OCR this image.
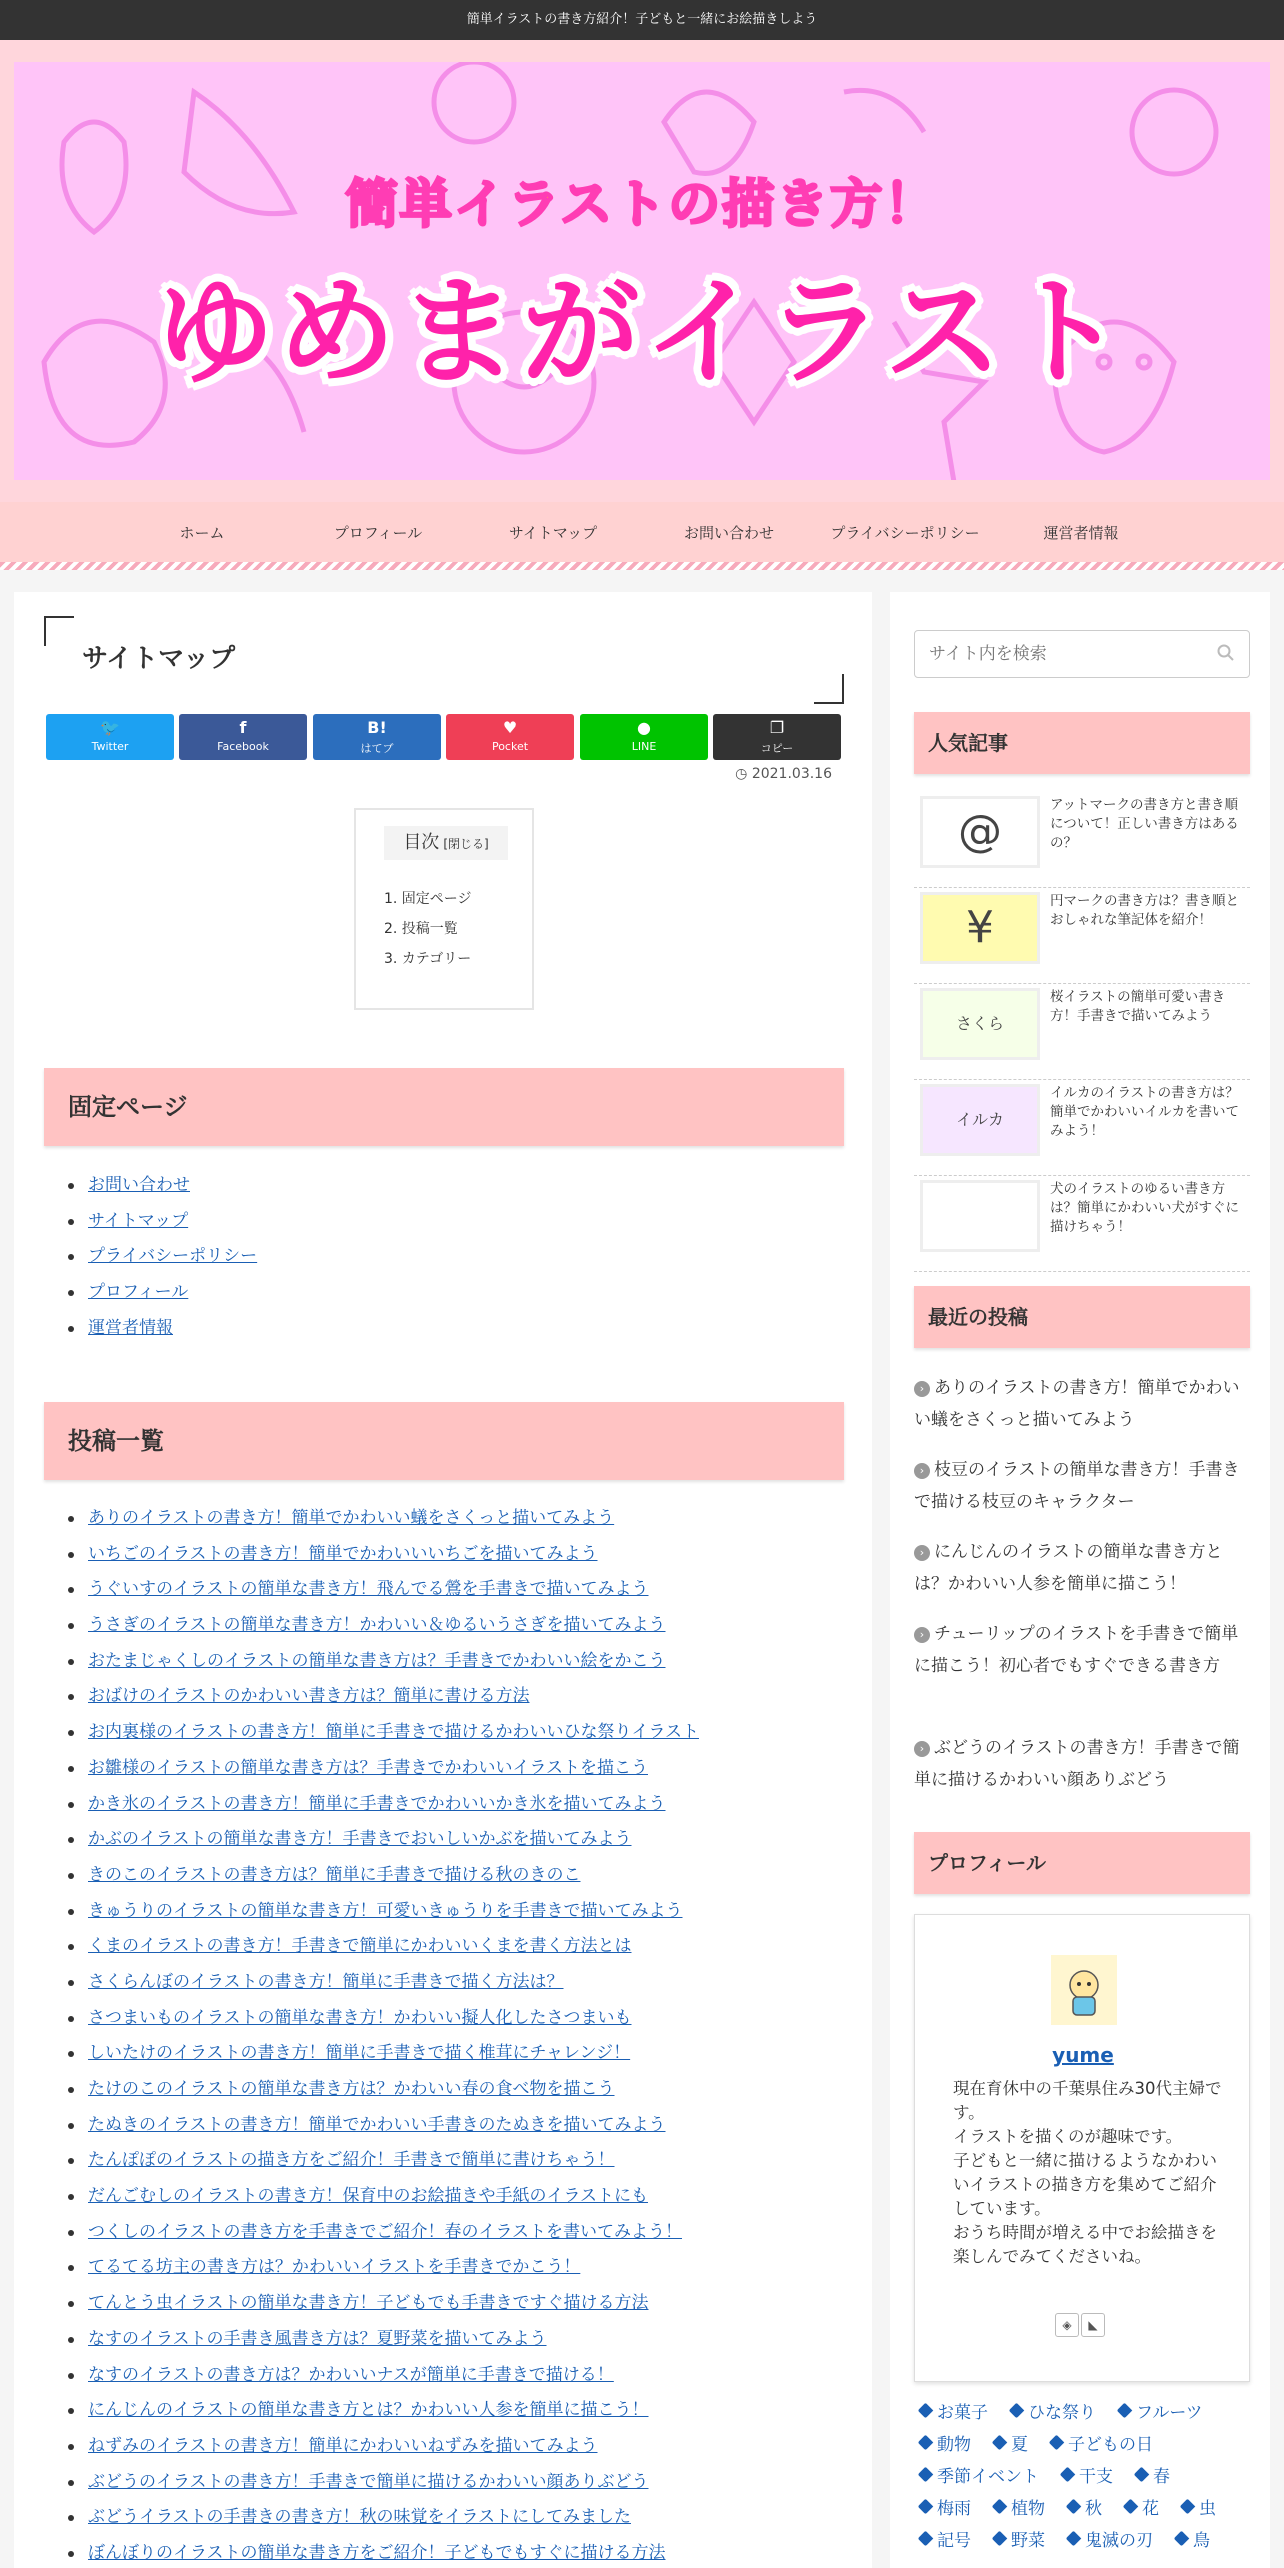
簡単イラストの書き方紹介！子どもと一緒にお絵描きしよう
簡単イラストの描き方！
ゆめまがイラスト
ホーム	プロフィール	サイトマップ	お問い合わせ	プライバシーポリシー	運営者情報
サイトマップ
🐦
Twitter
f
Facebook
B!
はてブ
♥
Pocket
●
LINE
❐
コピー
◷ 2021.03.16
目次 [閉じる]
1. 固定ページ
2. 投稿一覧
3. カテゴリー
固定ページ
お問い合わせ
サイトマップ
プライバシーポリシー
プロフィール
運営者情報
投稿一覧
ありのイラストの書き方！簡単でかわいい蟻をさくっと描いてみよう
いちごのイラストの書き方！簡単でかわいいいちごを描いてみよう
うぐいすのイラストの簡単な書き方！飛んでる鶯を手書きで描いてみよう
うさぎのイラストの簡単な書き方！かわいい＆ゆるいうさぎを描いてみよう
おたまじゃくしのイラストの簡単な書き方は？手書きでかわいい絵をかこう
おばけのイラストのかわいい書き方は？簡単に書ける方法
お内裏様のイラストの書き方！簡単に手書きで描けるかわいいひな祭りイラスト
お雛様のイラストの簡単な書き方は？手書きでかわいいイラストを描こう
かき氷のイラストの書き方！簡単に手書きでかわいいかき氷を描いてみよう
かぶのイラストの簡単な書き方！手書きでおいしいかぶを描いてみよう
きのこのイラストの書き方は？簡単に手書きで描ける秋のきのこ
きゅうりのイラストの簡単な書き方！可愛いきゅうりを手書きで描いてみよう
くまのイラストの書き方！手書きで簡単にかわいいくまを書く方法とは
さくらんぼのイラストの書き方！簡単に手書きで描く方法は？
さつまいものイラストの簡単な書き方！かわいい擬人化したさつまいも
しいたけのイラストの書き方！簡単に手書きで描く椎茸にチャレンジ！
たけのこのイラストの簡単な書き方は？かわいい春の食べ物を描こう
たぬきのイラストの書き方！簡単でかわいい手書きのたぬきを描いてみよう
たんぽぽのイラストの描き方をご紹介！手書きで簡単に書けちゃう！
だんごむしのイラストの書き方！保育中のお絵描きや手紙のイラストにも
つくしのイラストの書き方を手書きでご紹介！春のイラストを書いてみよう！
てるてる坊主の書き方は？かわいいイラストを手書きでかこう！
てんとう虫イラストの簡単な書き方！子どもでも手書きですぐ描ける方法
なすのイラストの手書き風書き方は？夏野菜を描いてみよう
なすのイラストの書き方は？かわいいナスが簡単に手書きで描ける！
にんじんのイラストの簡単な書き方とは？かわいい人参を簡単に描こう！
ねずみのイラストの書き方！簡単にかわいいねずみを描いてみよう
ぶどうのイラストの書き方！手書きで簡単に描けるかわいい顔ありぶどう
ぶどうイラストの手書きの書き方！秋の味覚をイラストにしてみました
ぼんぼりのイラストの簡単な書き方をご紹介！子どもでもすぐに描ける方法
サイト内を検索
人気記事
@
アットマークの書き方と書き順について！正しい書き方はあるの？
¥
円マークの書き方は？書き順とおしゃれな筆記体を紹介！
さくら
桜イラストの簡単可愛い書き方！手書きで描いてみよう
イルカ
イルカのイラストの書き方は？簡単でかわいいイルカを書いてみよう！
犬のイラストのゆるい書き方は？簡単にかわいい犬がすぐに描けちゃう！
最近の投稿
› ありのイラストの書き方！簡単でかわいい蟻をさくっと描いてみよう
› 枝豆のイラストの簡単な書き方！手書きで描ける枝豆のキャラクター
› にんじんのイラストの簡単な書き方とは？かわいい人参を簡単に描こう！
› チューリップのイラストを手書きで簡単に描こう！初心者でもすぐできる書き方
› ぶどうのイラストの書き方！手書きで簡単に描けるかわいい顔ありぶどう
プロフィール
yume
現在育休中の千葉県住み30代主婦です。
イラストを描くのが趣味です。
子どもと一緒に描けるようなかわいいイラストの描き方を集めてご紹介しています。
おうち時間が増える中でお絵描きを楽しんでみてくださいね。
◈ ◣
お菓子	ひな祭り	フルーツ
動物	夏	子どもの日
季節イベント	干支	春
梅雨	植物	秋	花	虫
記号	野菜	鬼滅の刃	鳥
